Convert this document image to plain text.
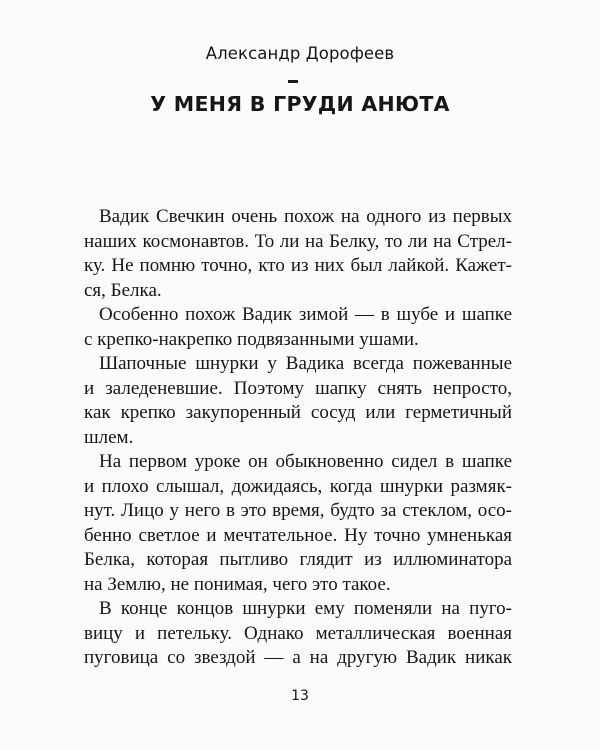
Александр Дорофеев
У МЕНЯ В ГРУДИ АНЮТА
Вадик Свечкин очень похож на одного из первых
наших космонавтов. То ли на Белку, то ли на Стрел-
ку. Не помню точно, кто из них был лайкой. Кажет-
ся, Белка.
Особенно похож Вадик зимой — в шубе и шапке
с крепко-накрепко подвязанными ушами.
Шапочные шнурки у Вадика всегда пожеванные
и заледеневшие. Поэтому шапку снять непросто,
как крепко закупоренный сосуд или герметичный
шлем.
На первом уроке он обыкновенно сидел в шапке
и плохо слышал, дожидаясь, когда шнурки размяк-
нут. Лицо у него в это время, будто за стеклом, осо-
бенно светлое и мечтательное. Ну точно умненькая
Белка, которая пытливо глядит из иллюминатора
на Землю, не понимая, чего это такое.
В конце концов шнурки ему поменяли на пуго-
вицу и петельку. Однако металлическая военная
пуговица со звездой — а на другую Вадик никак
13
